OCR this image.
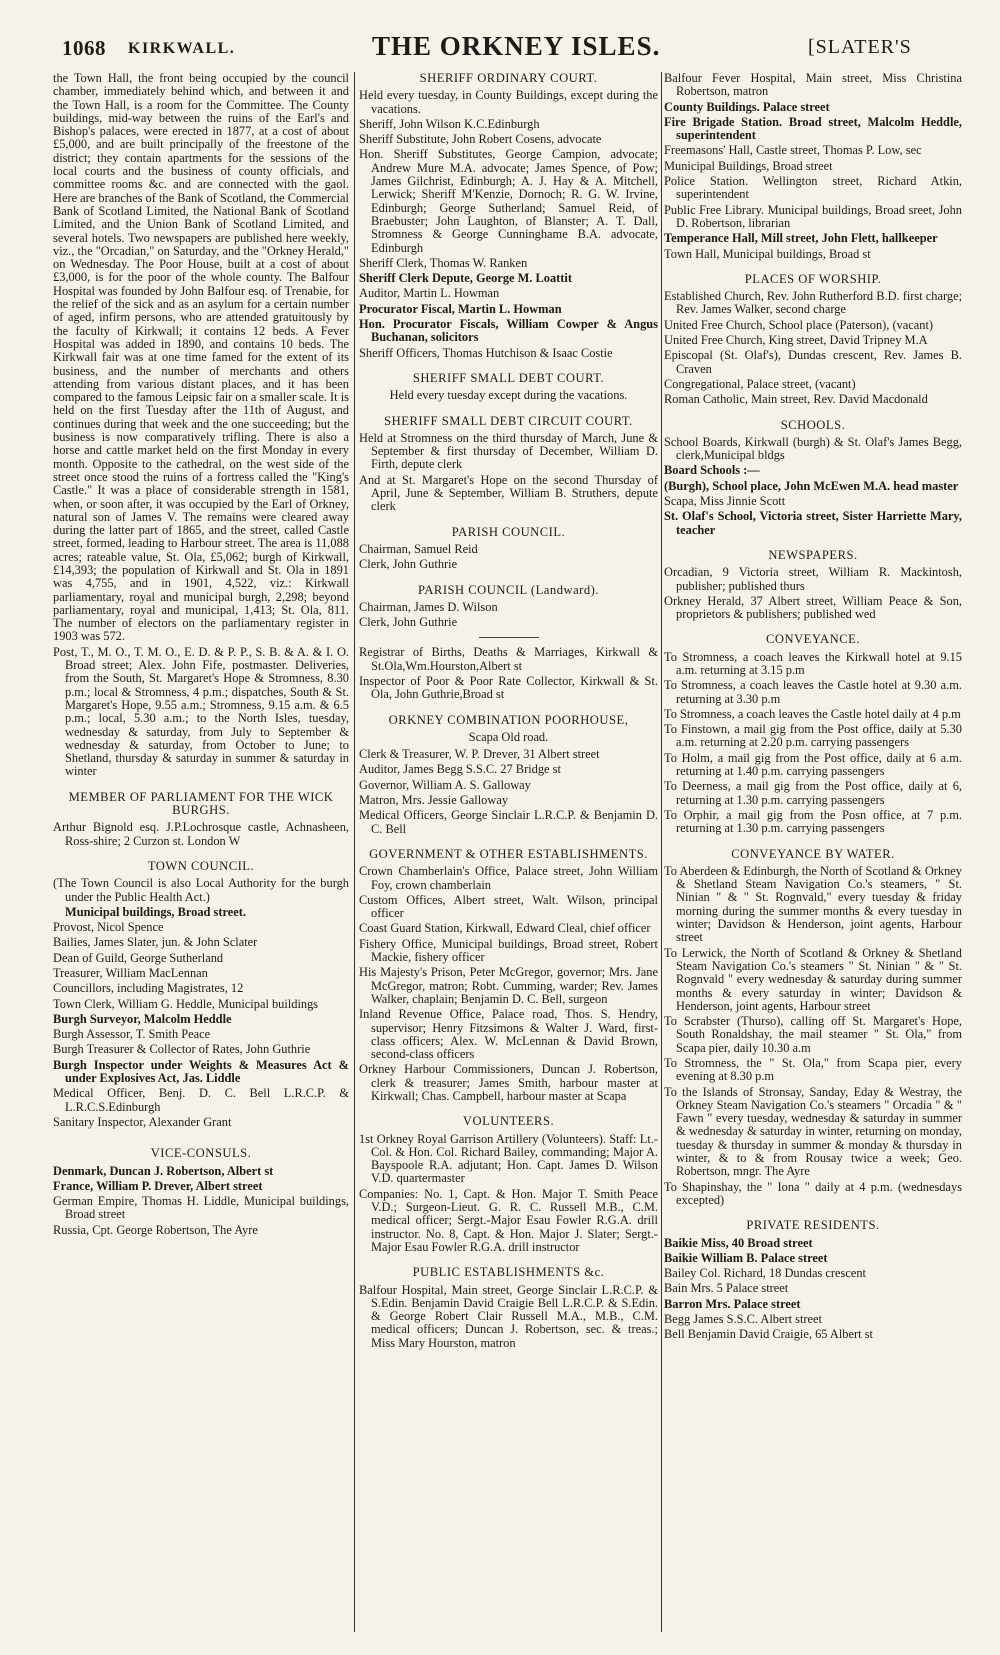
1068 KIRKWALL.	THE ORKNEY ISLES.	[SLATER'S

the Town Hall, the front being occupied by the council chamber, immediately behind which, and between it and the Town Hall, is a room for the Committee. The County buildings, mid-way between the ruins of the Earl's and Bishop's palaces, were erected in 1877, at a cost of about £5,000, and are built principally of the freestone of the district; they contain apartments for the sessions of the local courts and the business of county officials, and committee rooms &c. and are connected with the gaol. Here are branches of the Bank of Scotland, the Commercial Bank of Scotland Limited, the National Bank of Scotland Limited, and the Union Bank of Scotland Limited, and several hotels. Two newspapers are published here weekly, viz., the "Orcadian," on Saturday, and the "Orkney Herald," on Wednesday. The Poor House, built at a cost of about £3,000, is for the poor of the whole county. The Balfour Hospital was founded by John Balfour esq. of Trenabie, for the relief of the sick and as an asylum for a certain number of aged, infirm persons, who are attended gratuitously by the faculty of Kirkwall; it contains 12 beds. A Fever Hospital was added in 1890, and contains 10 beds. The Kirkwall fair was at one time famed for the extent of its business, and the number of merchants and others attending from various distant places, and it has been compared to the famous Leipsic fair on a smaller scale. It is held on the first Tuesday after the 11th of August, and continues during that week and the one succeeding; but the business is now comparatively trifling. There is also a horse and cattle market held on the first Monday in every month. Opposite to the cathedral, on the west side of the street once stood the ruins of a fortress called the "King's Castle." It was a place of considerable strength in 1581, when, or soon after, it was occupied by the Earl of Orkney, natural son of James V. The remains were cleared away during the latter part of 1865, and the street, called Castle street, formed, leading to Harbour street. The area is 11,088 acres; rateable value, St. Ola, £5,062; burgh of Kirkwall, £14,393; the population of Kirkwall and St. Ola in 1891 was 4,755, and in 1901, 4,522, viz.: Kirkwall parliamentary, royal and municipal burgh, 2,298; beyond parliamentary, royal and municipal, 1,413; St. Ola, 811. The number of electors on the parliamentary register in 1903 was 572.

Post, T., M. O., T. M. O., E. D. & P. P., S. B. & A. & I. O. Broad street; Alex. John Fife, postmaster. Deliveries, from the South, St. Margaret's Hope & Stromness, 8.30 p.m.; local & Stromness, 4 p.m.; dispatches, South & St. Margaret's Hope, 9.55 a.m.; Stromness, 9.15 a.m. & 6.5 p.m.; local, 5.30 a.m.; to the North Isles, tuesday, wednesday & saturday, from July to September & wednesday & saturday, from October to June; to Shetland, thursday & saturday in summer & saturday in winter

MEMBER OF PARLIAMENT FOR THE WICK BURGHS.

Arthur Bignold esq. J.P.Lochrosque castle, Achnasheen, Ross-shire; 2 Curzon st. London W

TOWN COUNCIL.

(The Town Council is also Local Authority for the burgh under the Public Health Act.)

Municipal buildings, Broad street.

Provost, Nicol Spence

Bailies, James Slater, jun. & John Sclater

Dean of Guild, George Sutherland

Treasurer, William MacLennan

Councillors, including Magistrates, 12

Town Clerk, William G. Heddle, Municipal buildings

Burgh Surveyor, Malcolm Heddle

Burgh Assessor, T. Smith Peace

Burgh Treasurer & Collector of Rates, John Guthrie

Burgh Inspector under Weights & Measures Act & under Explosives Act, Jas. Liddle

Medical Officer, Benj. D. C. Bell L.R.C.P. & L.R.C.S.Edinburgh

Sanitary Inspector, Alexander Grant

VICE-CONSULS.

Denmark, Duncan J. Robertson, Albert st

France, William P. Drever, Albert street

German Empire, Thomas H. Liddle, Municipal buildings, Broad street

Russia, Cpt. George Robertson, The Ayre

SHERIFF ORDINARY COURT.

Held every tuesday, in County Buildings, except during the vacations.

Sheriff, John Wilson K.C.Edinburgh

Sheriff Substitute, John Robert Cosens, advocate

Hon. Sheriff Substitutes, George Campion, advocate; Andrew Mure M.A. advocate; James Spence, of Pow; James Gilchrist, Edinburgh; A. J. Hay & A. Mitchell, Lerwick; Sheriff M'Kenzie, Dornoch; R. G. W. Irvine, Edinburgh; George Sutherland; Samuel Reid, of Braebuster; John Laughton, of Blanster; A. T. Dall, Stromness & George Cunninghame B.A. advocate, Edinburgh

Sheriff Clerk, Thomas W. Ranken

Sheriff Clerk Depute, George M. Loattit

Auditor, Martin L. Howman

Procurator Fiscal, Martin L. Howman

Hon. Procurator Fiscals, William Cowper & Angus Buchanan, solicitors

Sheriff Officers, Thomas Hutchison & Isaac Costie

SHERIFF SMALL DEBT COURT.

Held every tuesday except during the vacations.

SHERIFF SMALL DEBT CIRCUIT COURT.

Held at Stromness on the third thursday of March, June & September & first thursday of December, William D. Firth, depute clerk

And at St. Margaret's Hope on the second Thursday of April, June & September, William B. Struthers, depute clerk

PARISH COUNCIL.

Chairman, Samuel Reid

Clerk, John Guthrie

PARISH COUNCIL (Landward).

Chairman, James D. Wilson

Clerk, John Guthrie

Registrar of Births, Deaths & Marriages, Kirkwall & St.Ola,Wm.Hourston,Albert st

Inspector of Poor & Poor Rate Collector, Kirkwall & St. Ola, John Guthrie,Broad st

ORKNEY COMBINATION POORHOUSE,

Scapa Old road.

Clerk & Treasurer, W. P. Drever, 31 Albert street

Auditor, James Begg S.S.C. 27 Bridge st

Governor, William A. S. Galloway

Matron, Mrs. Jessie Galloway

Medical Officers, George Sinclair L.R.C.P. & Benjamin D. C. Bell

GOVERNMENT & OTHER ESTABLISHMENTS.

Crown Chamberlain's Office, Palace street, John William Foy, crown chamberlain

Custom Offices, Albert street, Walt. Wilson, principal officer

Coast Guard Station, Kirkwall, Edward Cleal, chief officer

Fishery Office, Municipal buildings, Broad street, Robert Mackie, fishery officer

His Majesty's Prison, Peter McGregor, governor; Mrs. Jane McGregor, matron; Robt. Cumming, warder; Rev. James Walker, chaplain; Benjamin D. C. Bell, surgeon

Inland Revenue Office, Palace road, Thos. S. Hendry, supervisor; Henry Fitzsimons & Walter J. Ward, first-class officers; Alex. W. McLennan & David Brown, second-class officers

Orkney Harbour Commissioners, Duncan J. Robertson, clerk & treasurer; James Smith, harbour master at Kirkwall; Chas. Campbell, harbour master at Scapa

VOLUNTEERS.

1st Orkney Royal Garrison Artillery (Volunteers). Staff: Lt.-Col. & Hon. Col. Richard Bailey, commanding; Major A. Bayspoole R.A. adjutant; Hon. Capt. James D. Wilson V.D. quartermaster

Companies: No. 1, Capt. & Hon. Major T. Smith Peace V.D.; Surgeon-Lieut. G. R. C. Russell M.B., C.M. medical officer; Sergt.-Major Esau Fowler R.G.A. drill instructor. No. 8, Capt. & Hon. Major J. Slater; Sergt.-Major Esau Fowler R.G.A. drill instructor

PUBLIC ESTABLISHMENTS &c.

Balfour Hospital, Main street, George Sinclair L.R.C.P. & S.Edin. Benjamin David Craigie Bell L.R.C.P. & S.Edin. & George Robert Clair Russell M.A., M.B., C.M. medical officers; Duncan J. Robertson, sec. & treas.; Miss Mary Hourston, matron

Balfour Fever Hospital, Main street, Miss Christina Robertson, matron

County Buildings. Palace street

Fire Brigade Station. Broad street, Malcolm Heddle, superintendent

Freemasons' Hall, Castle street, Thomas P. Low, sec

Municipal Buildings, Broad street

Police Station. Wellington street, Richard Atkin, superintendent

Public Free Library. Municipal buildings, Broad sreet, John D. Robertson, librarian

Temperance Hall, Mill street, John Flett, hallkeeper

Town Hall, Municipal buildings, Broad st

PLACES OF WORSHIP.

Established Church, Rev. John Rutherford B.D. first charge; Rev. James Walker, second charge

United Free Church, School place (Paterson), (vacant)

United Free Church, King street, David Tripney M.A

Episcopal (St. Olaf's), Dundas crescent, Rev. James B. Craven

Congregational, Palace street, (vacant)

Roman Catholic, Main street, Rev. David Macdonald

SCHOOLS.

School Boards, Kirkwall (burgh) & St. Olaf's James Begg, clerk,Municipal bldgs

Board Schools :—

(Burgh), School place, John McEwen M.A. head master

Scapa, Miss Jinnie Scott

St. Olaf's School, Victoria street, Sister Harriette Mary, teacher

NEWSPAPERS.

Orcadian, 9 Victoria street, William R. Mackintosh, publisher; published thurs

Orkney Herald, 37 Albert street, William Peace & Son, proprietors & publishers; published wed

CONVEYANCE.

To Stromness, a coach leaves the Kirkwall hotel at 9.15 a.m. returning at 3.15 p.m

To Stromness, a coach leaves the Castle hotel at 9.30 a.m. returning at 3.30 p.m

To Stromness, a coach leaves the Castle hotel daily at 4 p.m

To Finstown, a mail gig from the Post office, daily at 5.30 a.m. returning at 2.20 p.m. carrying passengers

To Holm, a mail gig from the Post office, daily at 6 a.m. returning at 1.40 p.m. carrying passengers

To Deerness, a mail gig from the Post office, daily at 6, returning at 1.30 p.m. carrying passengers

To Orphir, a mail gig from the Posn office, at 7 p.m. returning at 1.30 p.m. carrying passengers

CONVEYANCE BY WATER.

To Aberdeen & Edinburgh, the North of Scotland & Orkney & Shetland Steam Navigation Co.'s steamers, " St. Ninian " & " St. Rognvald," every tuesday & friday morning during the summer months & every tuesday in winter; Davidson & Henderson, joint agents, Harbour street

To Lerwick, the North of Scotland & Orkney & Shetland Steam Navigation Co.'s steamers " St. Ninian " & " St. Rognvald " every wednesday & saturday during summer months & every saturday in winter; Davidson & Henderson, joint agents, Harbour street

To Scrabster (Thurso), calling off St. Margaret's Hope, South Ronaldshay, the mail steamer " St. Ola," from Scapa pier, daily 10.30 a.m

To Stromness, the " St. Ola," from Scapa pier, every evening at 8.30 p.m

To the Islands of Stronsay, Sanday, Eday & Westray, the Orkney Steam Navigation Co.'s steamers " Orcadia " & " Fawn " every tuesday, wednesday & saturday in summer & wednesday & saturday in winter, returning on monday, tuesday & thursday in summer & monday & thursday in winter, & to & from Rousay twice a week; Geo. Robertson, mngr. The Ayre

To Shapinshay, the " Iona " daily at 4 p.m. (wednesdays excepted)

PRIVATE RESIDENTS.

Baikie Miss, 40 Broad street

Baikie William B. Palace street

Bailey Col. Richard, 18 Dundas crescent

Bain Mrs. 5 Palace street

Barron Mrs. Palace street

Begg James S.S.C. Albert street

Bell Benjamin David Craigie, 65 Albert st
